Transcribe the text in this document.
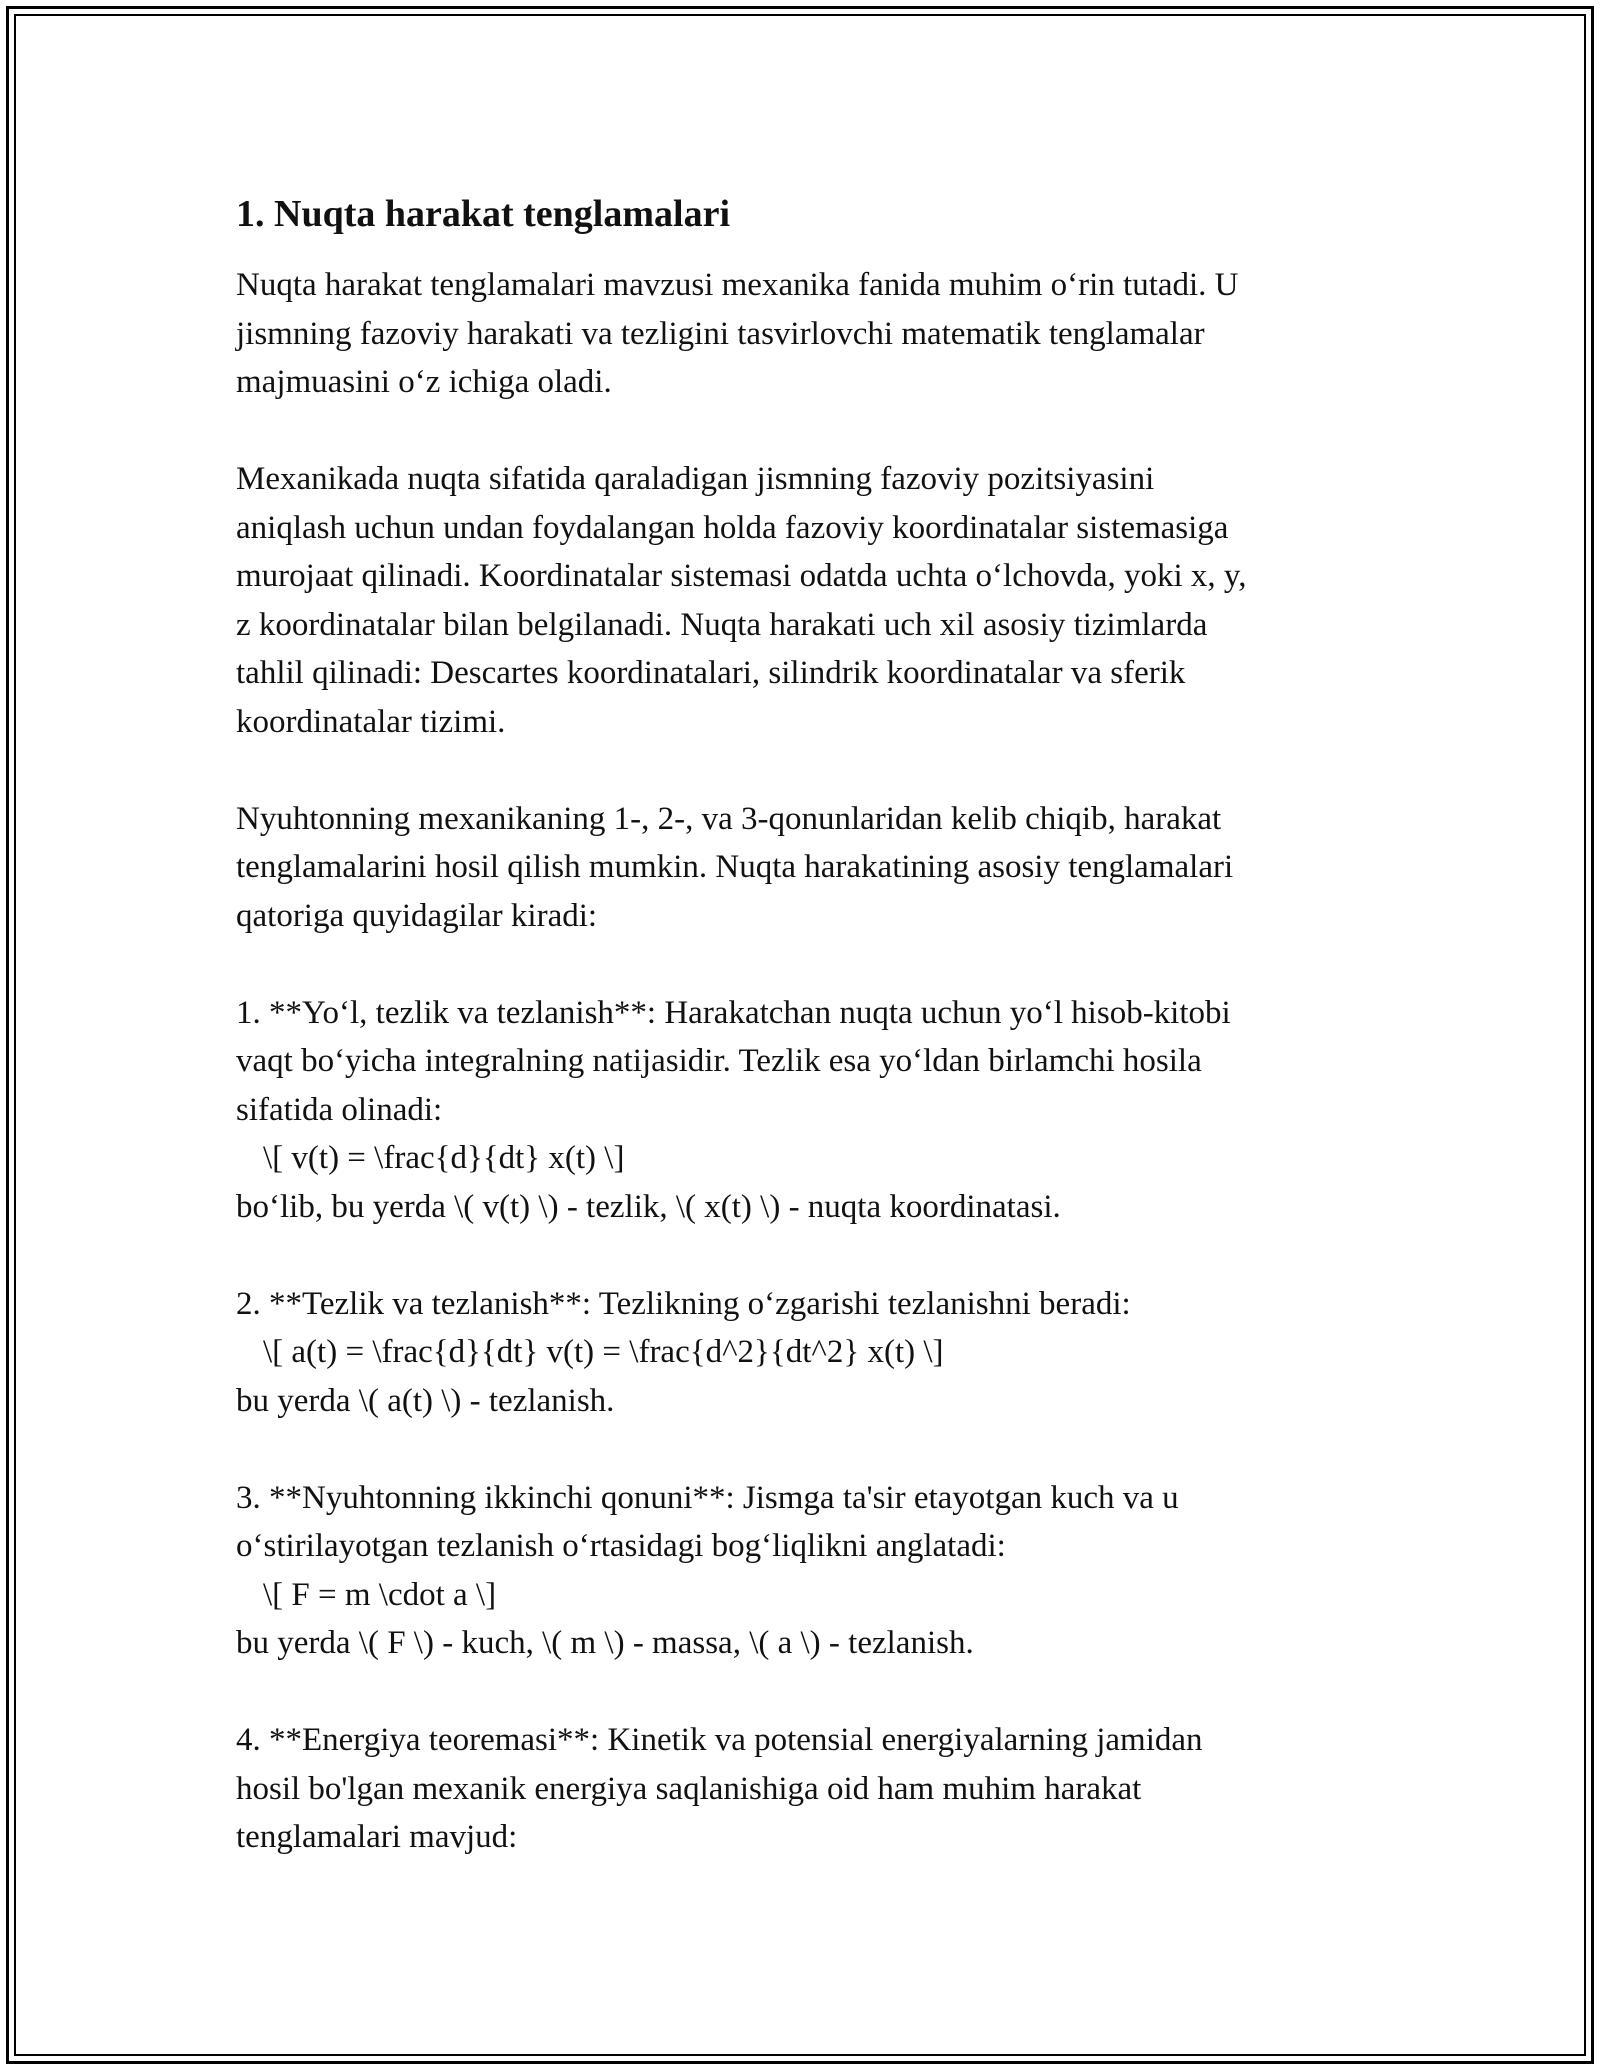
1. Nuqta harakat tenglamalari
Nuqta harakat tenglamalari mavzusi mexanika fanida muhim o‘rin tutadi. U
jismning fazoviy harakati va tezligini tasvirlovchi matematik tenglamalar
majmuasini o‘z ichiga oladi.
Mexanikada nuqta sifatida qaraladigan jismning fazoviy pozitsiyasini
aniqlash uchun undan foydalangan holda fazoviy koordinatalar sistemasiga
murojaat qilinadi. Koordinatalar sistemasi odatda uchta o‘lchovda, yoki x, y,
z koordinatalar bilan belgilanadi. Nuqta harakati uch xil asosiy tizimlarda
tahlil qilinadi: Descartes koordinatalari, silindrik koordinatalar va sferik
koordinatalar tizimi.
Nyuhtonning mexanikaning 1-, 2-, va 3-qonunlaridan kelib chiqib, harakat
tenglamalarini hosil qilish mumkin. Nuqta harakatining asosiy tenglamalari
qatoriga quyidagilar kiradi:
1. **Yo‘l, tezlik va tezlanish**: Harakatchan nuqta uchun yo‘l hisob-kitobi
vaqt bo‘yicha integralning natijasidir. Tezlik esa yo‘ldan birlamchi hosila
sifatida olinadi:
\[ v(t) = \frac{d}{dt} x(t) \]
bo‘lib, bu yerda \( v(t) \) - tezlik, \( x(t) \) - nuqta koordinatasi.
2. **Tezlik va tezlanish**: Tezlikning o‘zgarishi tezlanishni beradi:
\[ a(t) = \frac{d}{dt} v(t) = \frac{d^2}{dt^2} x(t) \]
bu yerda \( a(t) \) - tezlanish.
3. **Nyuhtonning ikkinchi qonuni**: Jismga ta'sir etayotgan kuch va u
o‘stirilayotgan tezlanish o‘rtasidagi bog‘liqlikni anglatadi:
\[ F = m \cdot a \]
bu yerda \( F \) - kuch, \( m \) - massa, \( a \) - tezlanish.
4. **Energiya teoremasi**: Kinetik va potensial energiyalarning jamidan
hosil bo'lgan mexanik energiya saqlanishiga oid ham muhim harakat
tenglamalari mavjud:
